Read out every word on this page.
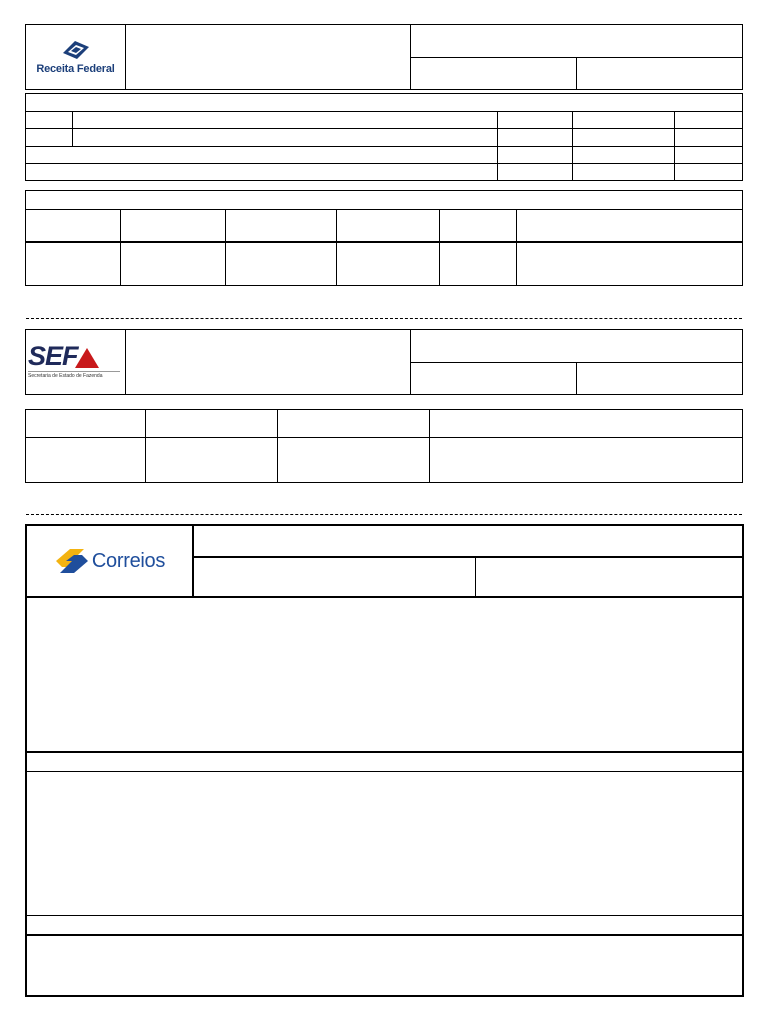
Receita Federal
SEF
Secretaria de Estado de Fazenda
Correios
